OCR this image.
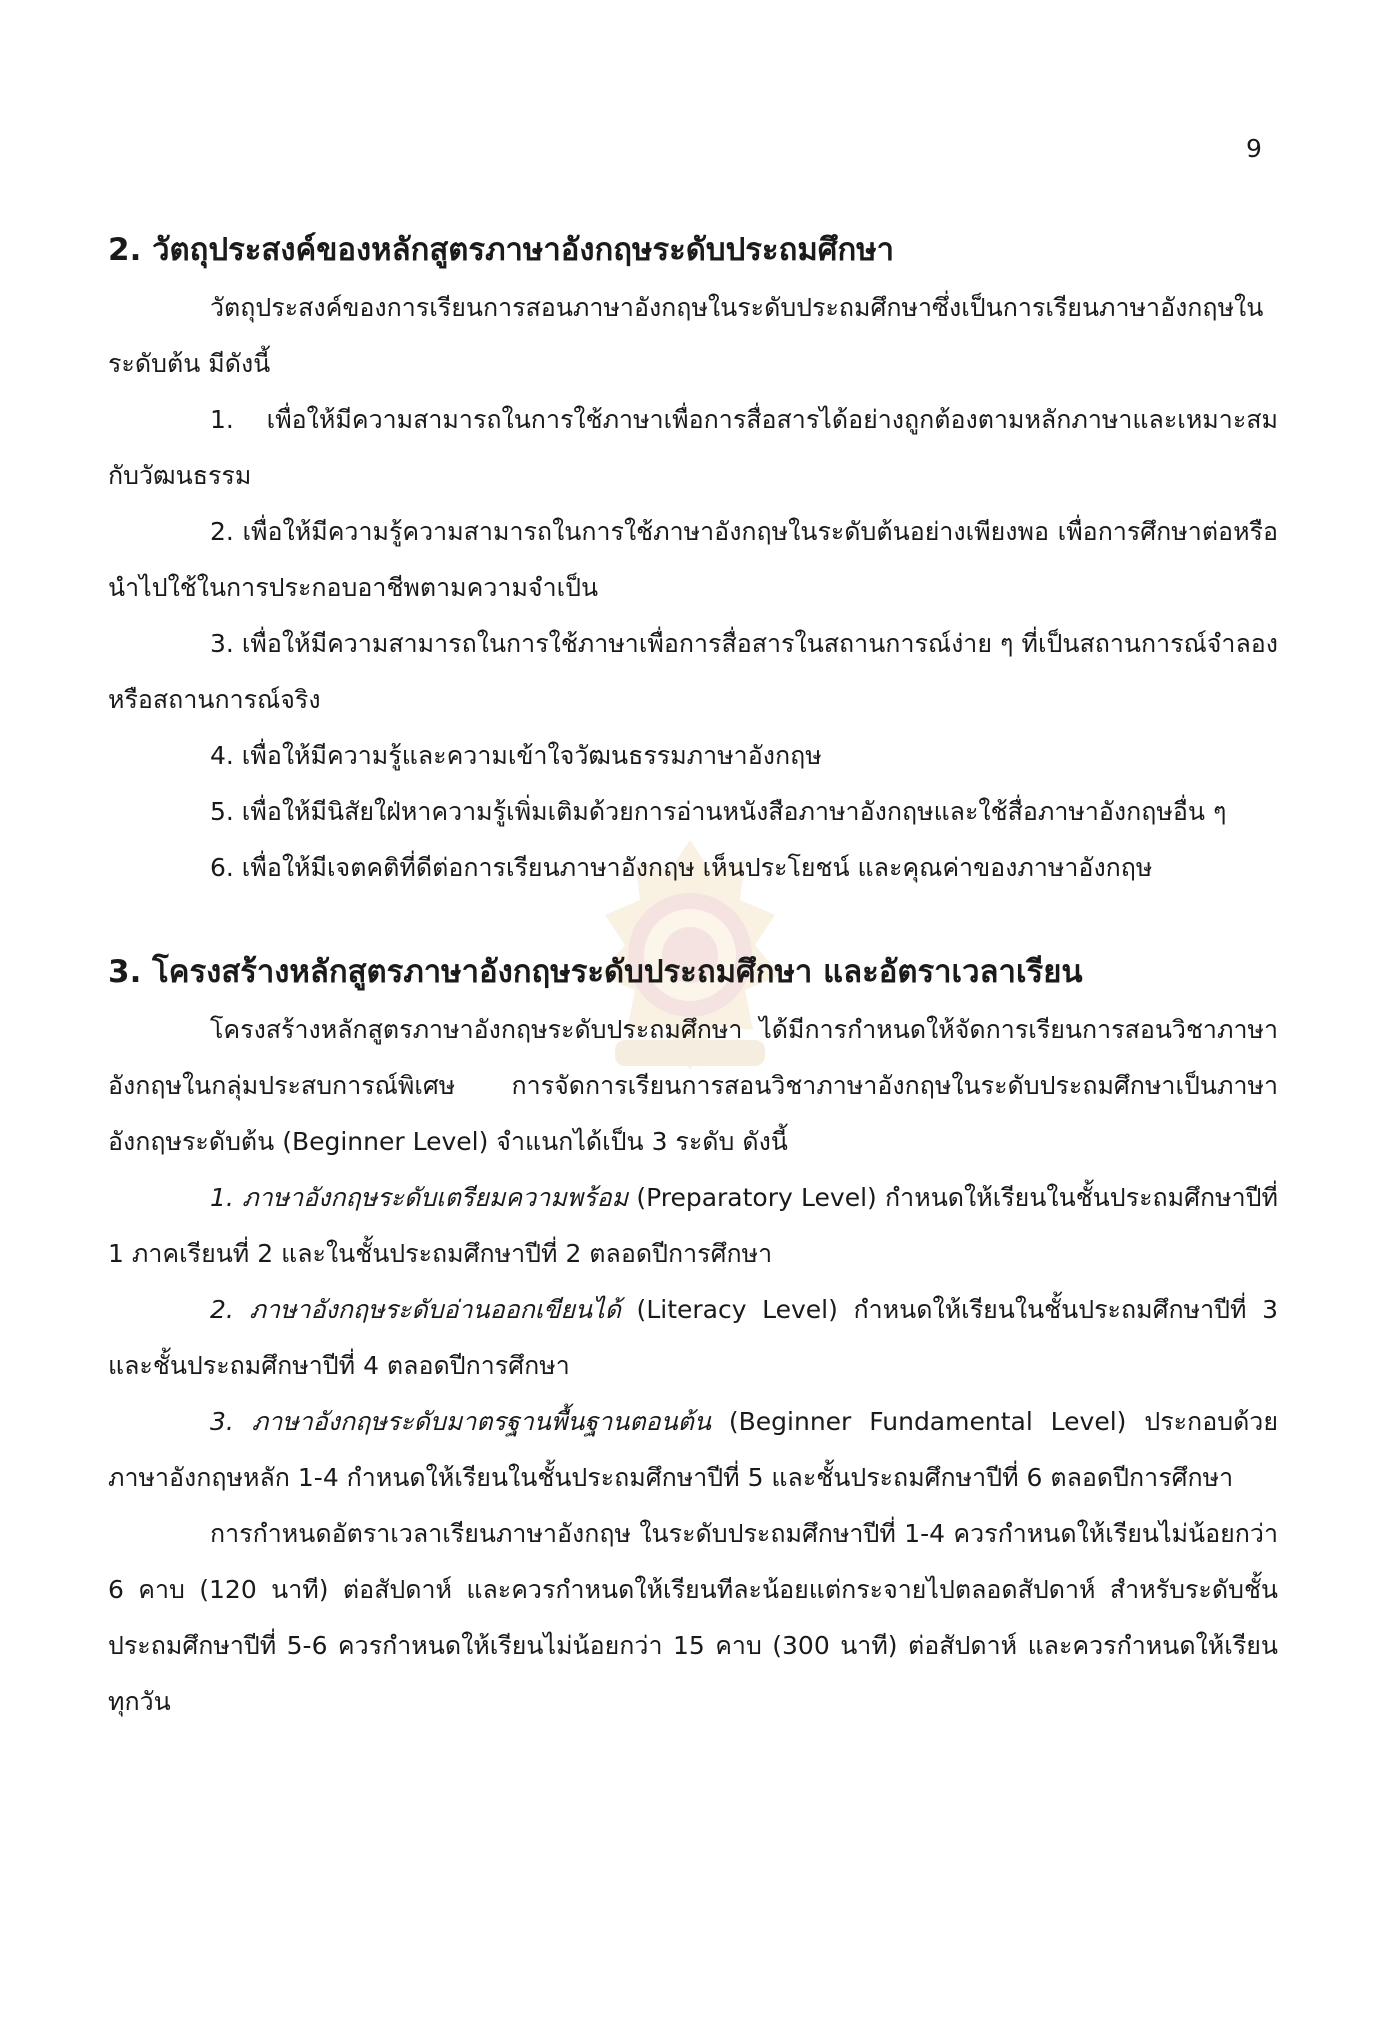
9
2. วัตถุประสงค์ของหลักสูตรภาษาอังกฤษระดับประถมศึกษา

วัตถุประสงค์ของการเรียนการสอนภาษาอังกฤษในระดับประถมศึกษาซึ่งเป็นการเรียนภาษาอังกฤษในระดับต้น มีดังนี้

1. เพื่อให้มีความสามารถในการใช้ภาษาเพื่อการสื่อสารได้อย่างถูกต้องตามหลักภาษาและเหมาะสมกับวัฒนธรรม

2. เพื่อให้มีความรู้ความสามารถในการใช้ภาษาอังกฤษในระดับต้นอย่างเพียงพอ เพื่อการศึกษาต่อหรือนำไปใช้ในการประกอบอาชีพตามความจำเป็น

3. เพื่อให้มีความสามารถในการใช้ภาษาเพื่อการสื่อสารในสถานการณ์ง่าย ๆ ที่เป็นสถานการณ์จำลองหรือสถานการณ์จริง

4. เพื่อให้มีความรู้และความเข้าใจวัฒนธรรมภาษาอังกฤษ

5. เพื่อให้มีนิสัยใฝ่หาความรู้เพิ่มเติมด้วยการอ่านหนังสือภาษาอังกฤษและใช้สื่อภาษาอังกฤษอื่น ๆ

6. เพื่อให้มีเจตคติที่ดีต่อการเรียนภาษาอังกฤษ เห็นประโยชน์ และคุณค่าของภาษาอังกฤษ

3. โครงสร้างหลักสูตรภาษาอังกฤษระดับประถมศึกษา และอัตราเวลาเรียน

โครงสร้างหลักสูตรภาษาอังกฤษระดับประถมศึกษา ได้มีการกำหนดให้จัดการเรียนการสอนวิชาภาษาอังกฤษในกลุ่มประสบการณ์พิเศษ การจัดการเรียนการสอนวิชาภาษาอังกฤษในระดับประถมศึกษาเป็นภาษาอังกฤษระดับต้น (Beginner Level) จำแนกได้เป็น 3 ระดับ ดังนี้

1. ภาษาอังกฤษระดับเตรียมความพร้อม (Preparatory Level) กำหนดให้เรียนในชั้นประถมศึกษาปีที่ 1 ภาคเรียนที่ 2 และในชั้นประถมศึกษาปีที่ 2 ตลอดปีการศึกษา

2. ภาษาอังกฤษระดับอ่านออกเขียนได้ (Literacy Level) กำหนดให้เรียนในชั้นประถมศึกษาปีที่ 3 และชั้นประถมศึกษาปีที่ 4 ตลอดปีการศึกษา

3. ภาษาอังกฤษระดับมาตรฐานพื้นฐานตอนต้น (Beginner Fundamental Level) ประกอบด้วยภาษาอังกฤษหลัก 1-4 กำหนดให้เรียนในชั้นประถมศึกษาปีที่ 5 และชั้นประถมศึกษาปีที่ 6 ตลอดปีการศึกษา

การกำหนดอัตราเวลาเรียนภาษาอังกฤษ ในระดับประถมศึกษาปีที่ 1-4 ควรกำหนดให้เรียนไม่น้อยกว่า 6 คาบ (120 นาที) ต่อสัปดาห์ และควรกำหนดให้เรียนทีละน้อยแต่กระจายไปตลอดสัปดาห์ สำหรับระดับชั้นประถมศึกษาปีที่ 5-6 ควรกำหนดให้เรียนไม่น้อยกว่า 15 คาบ (300 นาที) ต่อสัปดาห์ และควรกำหนดให้เรียนทุกวัน
